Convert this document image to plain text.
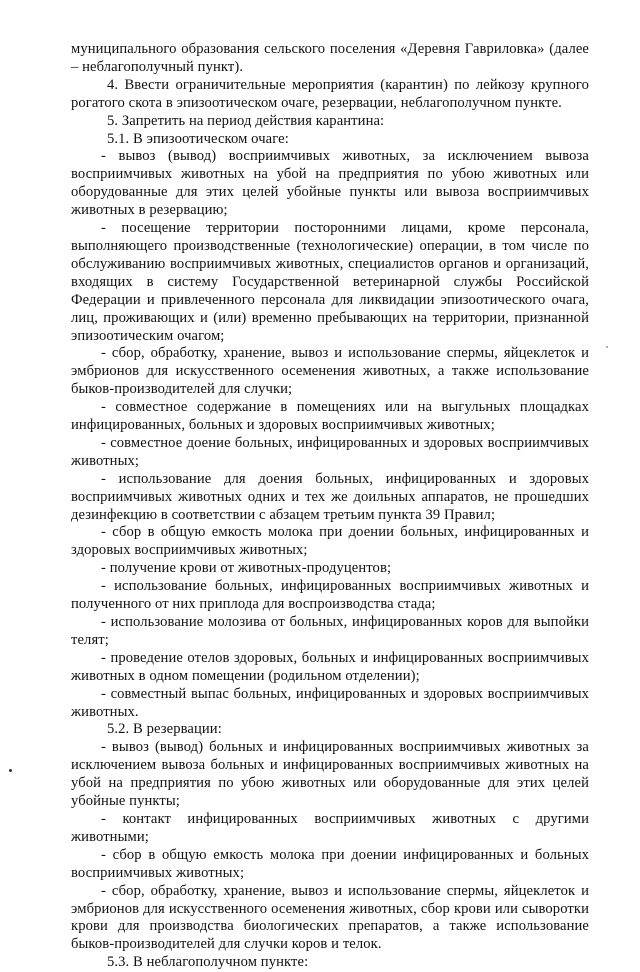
муниципального образования сельского поселения «Деревня Гавриловка» (далее – неблагополучный пункт).

4. Ввести ограничительные мероприятия (карантин) по лейкозу крупного рогатого скота в эпизоотическом очаге, резервации, неблагополучном пункте.

5. Запретить на период действия карантина:

5.1. В эпизоотическом очаге:

- вывоз (вывод) восприимчивых животных, за исключением вывоза восприимчивых животных на убой на предприятия по убою животных или оборудованные для этих целей убойные пункты или вывоза восприимчивых животных в резервацию;

- посещение территории посторонними лицами, кроме персонала, выполняющего производственные (технологические) операции, в том числе по обслуживанию восприимчивых животных, специалистов органов и организаций, входящих в систему Государственной ветеринарной службы Российской Федерации и привлеченного персонала для ликвидации эпизоотического очага, лиц, проживающих и (или) временно пребывающих на территории, признанной эпизоотическим очагом;

- сбор, обработку, хранение, вывоз и использование спермы, яйцеклеток и эмбрионов для искусственного осеменения животных, а также использование быков-производителей для случки;

- совместное содержание в помещениях или на выгульных площадках инфицированных, больных и здоровых восприимчивых животных;

- совместное доение больных, инфицированных и здоровых восприимчивых животных;

- использование для доения больных, инфицированных и здоровых восприимчивых животных одних и тех же доильных аппаратов, не прошедших дезинфекцию в соответствии с абзацем третьим пункта 39 Правил;

- сбор в общую емкость молока при доении больных, инфицированных и здоровых восприимчивых животных;

- получение крови от животных-продуцентов;

- использование больных, инфицированных восприимчивых животных и полученного от них приплода для воспроизводства стада;

- использование молозива от больных, инфицированных коров для выпойки телят;

- проведение отелов здоровых, больных и инфицированных восприимчивых животных в одном помещении (родильном отделении);

- совместный выпас больных, инфицированных и здоровых восприимчивых животных.

5.2. В резервации:

- вывоз (вывод) больных и инфицированных восприимчивых животных за исключением вывоза больных и инфицированных восприимчивых животных на убой на предприятия по убою животных или оборудованные для этих целей убойные пункты;

- контакт инфицированных восприимчивых животных с другими животными;

- сбор в общую емкость молока при доении инфицированных и больных восприимчивых животных;

- сбор, обработку, хранение, вывоз и использование спермы, яйцеклеток и эмбрионов для искусственного осеменения животных, сбор крови или сыворотки крови для производства биологических препаратов, а также использование быков-производителей для случки коров и телок.

5.3. В неблагополучном пункте:
